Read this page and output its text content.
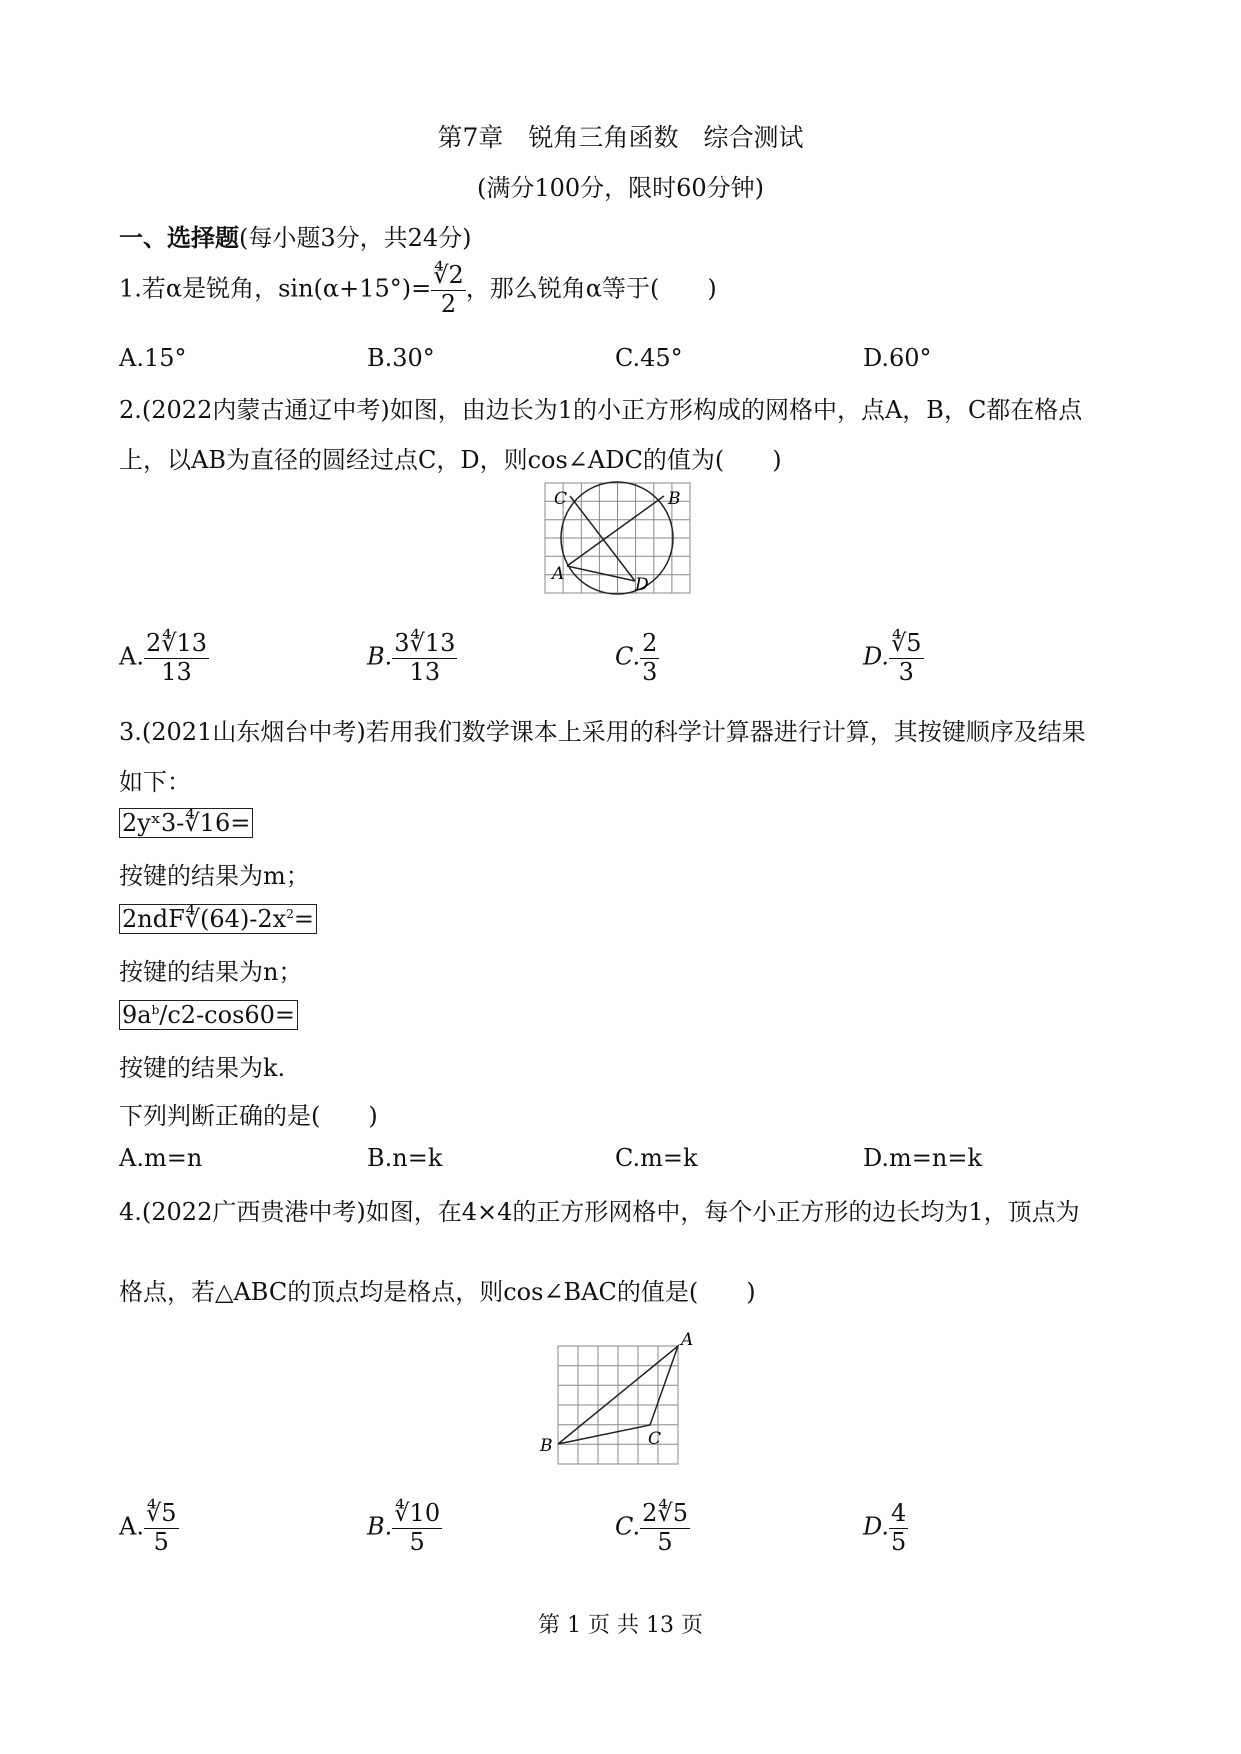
第7章　锐角三角函数　综合测试
(满分100分，限时60分钟)
一、选择题(每小题3分，共24分)
1.若α是锐角，$\sin(\alpha+15^\circ)= \frac{∜2}{2}$ ，那么锐角α等于(　　)
A.15°	B.30°	C.45°	D.60°
2.(2022内蒙古通辽中考)如图，由边长为1的小正方形构成的网格中，点A，B，C都在格点
上，以AB为直径的圆经过点C，D，则cos∠ADC的值为(　　)
C	B
A
D
A. $\frac{2∜13}{13}$	B. $\frac{3∜13}{13}$	C. $\frac{2}{3}$	D. $\frac{∜5}{3}$
3.(2021山东烟台中考)若用我们数学课本上采用的科学计算器进行计算，其按键顺序及结果
如下：
2yˣ3-∜16=
按键的结果为m；
$2ndF∜(64)-2x^2=$
按键的结果为n；
$9a^b/c2-\cos 60=$
按键的结果为k.
下列判断正确的是(　　)
A.m=n	B.n=k	C.m=k	D.m=n=k
4.(2022广西贵港中考)如图，在4×4的正方形网格中，每个小正方形的边长均为1，顶点为
格点，若△ABC的顶点均是格点，则cos∠BAC的值是(　　)
A
B	C
A. $\frac{∜5}{5}$	B. $\frac{∜10}{5}$	C. $\frac{2∜5}{5}$	D. $\frac{4}{5}$
第 1 页 共 13 页
